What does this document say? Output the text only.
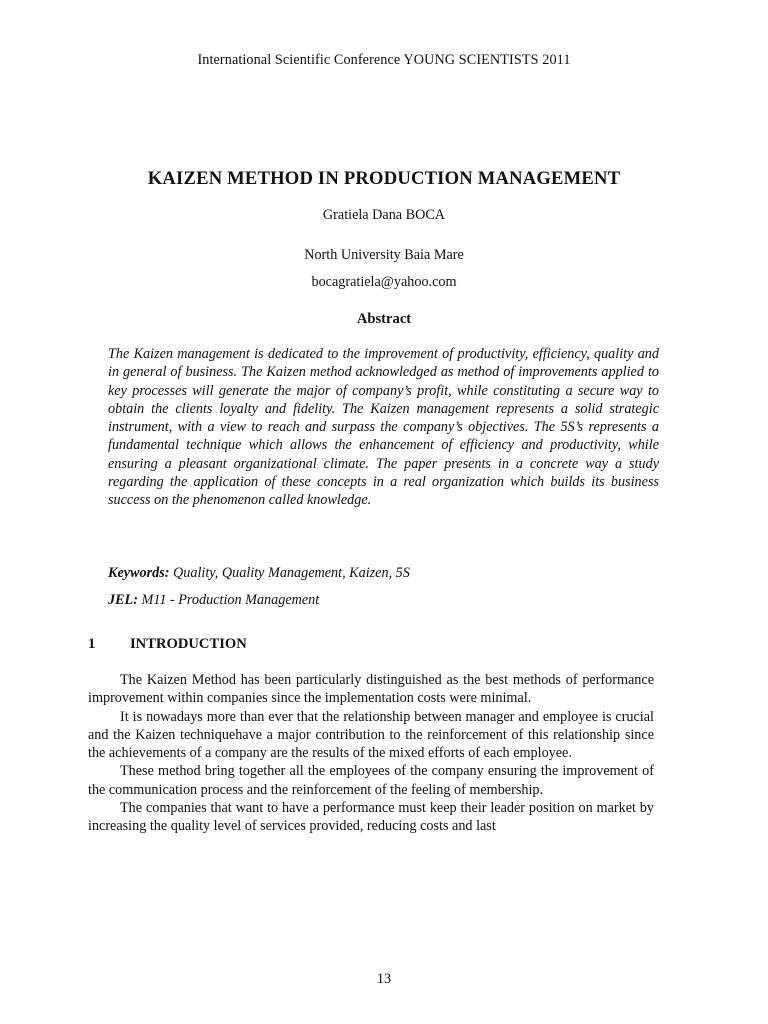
International Scientific Conference YOUNG SCIENTISTS 2011
KAIZEN METHOD IN PRODUCTION MANAGEMENT
Gratiela Dana BOCA
North University Baia Mare
bocagratiela@yahoo.com
Abstract

The Kaizen management is dedicated to the improvement of productivity, efficiency, quality and in general of business. The Kaizen method acknowledged as method of improvements applied to key processes will generate the major of company’s profit, while constituting a secure way to obtain the clients loyalty and fidelity. The Kaizen management represents a solid strategic instrument, with a view to reach and surpass the company’s objectives. The 5S’s represents a fundamental technique which allows the enhancement of efficiency and productivity, while ensuring a pleasant organizational climate. The paper presents in a concrete way a study regarding the application of these concepts in a real organization which builds its business success on the phenomenon called knowledge.

Keywords: Quality, Quality Management, Kaizen, 5S

JEL: M11 - Production Management

1 INTRODUCTION

The Kaizen Method has been particularly distinguished as the best methods of performance improvement within companies since the implementation costs were minimal.

It is nowadays more than ever that the relationship between manager and employee is crucial and the Kaizen techniquehave a major contribution to the reinforcement of this relationship since the achievements of a company are the results of the mixed efforts of each employee.

These method bring together all the employees of the company ensuring the improvement of the communication process and the reinforcement of the feeling of membership.

The companies that want to have a performance must keep their leader position on market by increasing the quality level of services provided, reducing costs and last

13
